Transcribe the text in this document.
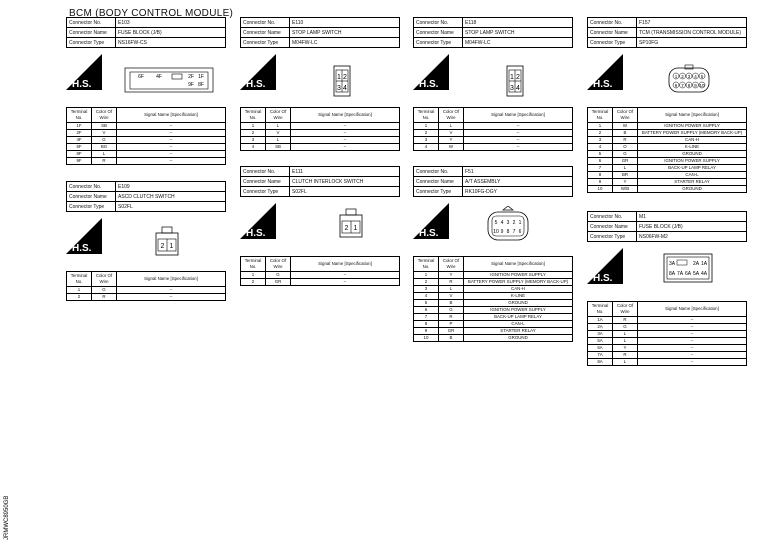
BCM (BODY CONTROL MODULE)
Connector No.	E103
Connector Name	FUSE BLOCK (J/B)
Connector Type	NS16FW-CS
H.S.
6F 4F	2F 1F
9F 8F
Terminal No.	Color Of Wire	Signal Name [Specification]
1F	SB	–
2F	V	–
4F	G	–
6F	BG	–
8F	L	–
9F	R	–
Connector No.	E109
Connector Name	ASCD CLUTCH SWITCH
Connector Type	S02FL
H.S.	2 1
Terminal No.	Color Of Wire	Signal Name [Specification]
1	G	–
2	R	–
Connector No.	E110
Connector Name	STOP LAMP SWITCH
Connector Type	M04FW-LC
H.S.
1 2
3 4
Terminal No.	Color Of Wire	Signal Name [Specification]
1	L	–
2	V	–
3	L	–
4	SB	–
Connector No.	E111
Connector Name	CLUTCH INTERLOCK SWITCH
Connector Type	S02FL
H.S.	2 1
Terminal No.	Color Of Wire	Signal Name [Specification]
1	G	–
2	GR	–
Connector No.	E118
Connector Name	STOP LAMP SWITCH
Connector Type	M04FW-LC
H.S.
1 2
3 4
Terminal No.	Color Of Wire	Signal Name [Specification]
1	L	–
2	V	–
3	Y	–
4	W	–
Connector No.	F51
Connector Name	A/T ASSEMBLY
Connector Type	RK10FG-DGY
H.S.
5
10
4
9
3
8
2
7
1
6
Terminal No.	Color Of Wire	Signal Name [Specification]
1	Y	IGNITION POWER SUPPLY
2	R	BATTERY POWER SUPPLY (MEMORY BACK-UP)
3	L	CAN-H
4	V	K-LINE
5	B	GROUND
6	G	IGNITION POWER SUPPLY
7	R	BACK-UP LAMP RELAY
8	P	CAN-L
9	GR	STARTER RELAY
10	B	GROUND
Connector No.	F157
Connector Name	TCM (TRANSMISSION CONTROL MODULE)
Connector Type	SP10FG
H.S.
1
6
2
7
3
8
4
9
5
10
Terminal No.	Color Of Wire	Signal Name [Specification]
1	W	IGNITION POWER SUPPLY
2	B	BATTERY POWER SUPPLY (MEMORY BACK-UP)
3	R	CAN-H
4	O	K-LINE
5	G	GROUND
6	GR	IGNITION POWER SUPPLY
7	L	BACK-UP LAMP RELAY
8	BR	CAN-L
9	Y	STARTER RELAY
10	W/B	GROUND
Connector No.	M1
Connector Name	FUSE BLOCK (J/B)
Connector Type	NS06FW-M2
H.S.
3A	2A 1A
8A 7A 6A 5A 4A
Terminal No.	Color Of Wire	Signal Name [Specification]
1A	R	–
2A	G	–
3A	L	–
5A	L	–
6A	Y	–
7A	R	–
8A	L	–
JRMWC8950GB
